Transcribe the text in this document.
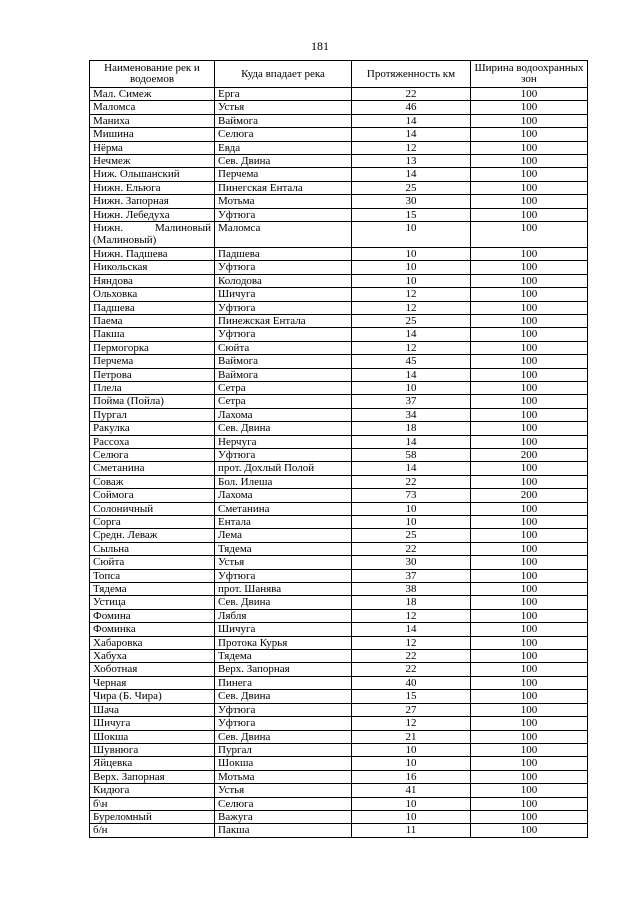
181
Наименование рек и водоемов	Куда впадает река	Протяженность км	Ширина водоохранных зон
Мал. Симеж	Ерга	22	100
Маломса	Устья	46	100
Маниха	Ваймога	14	100
Мишина	Селюга	14	100
Нёрма	Евда	12	100
Нечмеж	Сев. Двина	13	100
Ниж. Ольшанский	Перчема	14	100
Нижн. Ельюга	Пинегская Ентала	25	100
Нижн. Запорная	Мотьма	30	100
Нижн. Лебедуха	Уфтюга	15	100
Нижн. Малиновый (Малиновый)	Маломса	10	100
Нижн. Падшева	Падшева	10	100
Никольская	Уфтюга	10	100
Няндова	Колодова	10	100
Ольховка	Шичуга	12	100
Падшева	Уфтюга	12	100
Паема	Пинежская Ентала	25	100
Пакша	Уфтюга	14	100
Пермогорка	Сюйта	12	100
Перчема	Ваймога	45	100
Петрова	Ваймога	14	100
Плела	Сетра	10	100
Пойма (Пойла)	Сетра	37	100
Пургал	Лахома	34	100
Ракулка	Сев. Двина	18	100
Рассоха	Нерчуга	14	100
Селюга	Уфтюга	58	200
Сметанина	прот. Дохлый Полой	14	100
Соваж	Бол. Илеша	22	100
Соймога	Лахома	73	200
Солоничный	Сметанина	10	100
Сорга	Ентала	10	100
Средн. Леваж	Лема	25	100
Сыльна	Тядема	22	100
Сюйта	Устья	30	100
Топса	Уфтюга	37	100
Тядема	прот. Шанява	38	100
Устица	Сев. Двина	18	100
Фомина	Лябля	12	100
Фоминка	Шичуга	14	100
Хабаровка	Протока Курья	12	100
Хабуха	Тядема	22	100
Хоботная	Верх. Запорная	22	100
Черная	Пинега	40	100
Чира (Б. Чира)	Сев. Двина	15	100
Шача	Уфтюга	27	100
Шичуга	Уфтюга	12	100
Шокша	Сев. Двина	21	100
Шувнюга	Пургал	10	100
Яйцевка	Шокша	10	100
Верх. Запорная	Мотьма	16	100
Кидюга	Устья	41	100
б\н	Селюга	10	100
Буреломный	Важуга	10	100
б/н	Пакша	11	100
